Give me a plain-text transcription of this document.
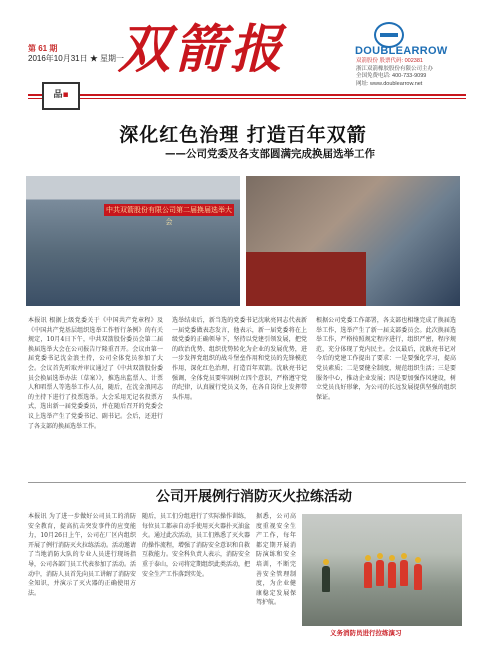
第 61 期
2016年10月31日 ★ 星期一
双箭报	DOUBLEARROW
双箭股份 股票代码: 002381
浙江双箭橡胶股份有限公司主办
全国免费电话: 400-733-9099
网址: www.doublearrow.net
品▪
深化红色治理 打造百年双箭
——公司党委及各支部圆满完成换届选举工作
中共双箭股份有限公司第二届换届选举大会
本报讯 根据上级党委关于《中国共产党章程》及《中国共产党基层组织选举工作暂行条例》的有关规定，10月4日下午，中共双箭股份委员会第二届换届选举大会在公司报告厅隆重召开。会议由第一届党委书记沈金浪主持，公司全体党员参加了大会。会议首先听取并审议通过了《中共双箭股份委员会换届选举办法（草案）》，推选出监票人、计票人和唱票人等选举工作人员，随后，在沈金浪同志的主持下进行了投票选举。大会采用无记名投票方式，选出新一届党委委员，并在随后召开的党委会议上选举产生了党委书记、副书记。会后，还进行了各支部的换届选举工作。
选举结束后，新当选的党委书记沈耿亮同志代表新一届党委做表态发言，他表示，新一届党委将在上级党委的正确领导下，坚持以党建引领发展，把党的政治优势、组织优势转化为企业的发展优势，进一步发挥党组织的战斗堡垒作用和党员的先锋模范作用，深化红色治理，打造百年双箭。沈耿亮书记强调，全体党员要牢固树立四个意识，严格遵守党的纪律，认真履行党员义务，在各自岗位上发挥带头作用。
根据公司党委工作部署，各支部也相继完成了换届选举工作，选举产生了新一届支部委员会。此次换届选举工作，严格按照规定程序进行，组织严密，程序规范，充分体现了党内民主。会议最后，沈耿亮书记对今后的党建工作提出了要求：一是要强化学习，提高党员素质；二是要健全制度，规范组织生活；三是要服务中心，推动企业发展；四是要加强作风建设，树立党员良好形象，为公司的长远发展提供坚强的组织保证。
公司开展例行消防灭火拉练活动
本报讯 为了进一步做好公司员工的消防安全教育，提高抗击突发事件的应变能力，10月26日上午，公司在厂区内组织开展了例行消防灭火拉练活动。活动邀请了当地消防大队的专业人员进行现场指导，公司各部门员工代表参加了活动。活动中，消防人员首先向员工讲解了消防安全知识，并演示了灭火器的正确使用方法。
随后，员工们分组进行了实际操作训练，每位员工都亲自动手使用灭火器扑灭油盆火。通过此次活动，员工们熟悉了灭火器的操作流程，增强了消防安全意识和自救互救能力。安全科负责人表示，消防安全重于泰山，公司将定期组织此类活动，把安全生产工作落到实处。
据悉，公司高度重视安全生产工作，每年都定期开展消防演练和安全培训，不断完善安全管理制度，为企业健康稳定发展保驾护航。
义务消防员进行拉练演习
